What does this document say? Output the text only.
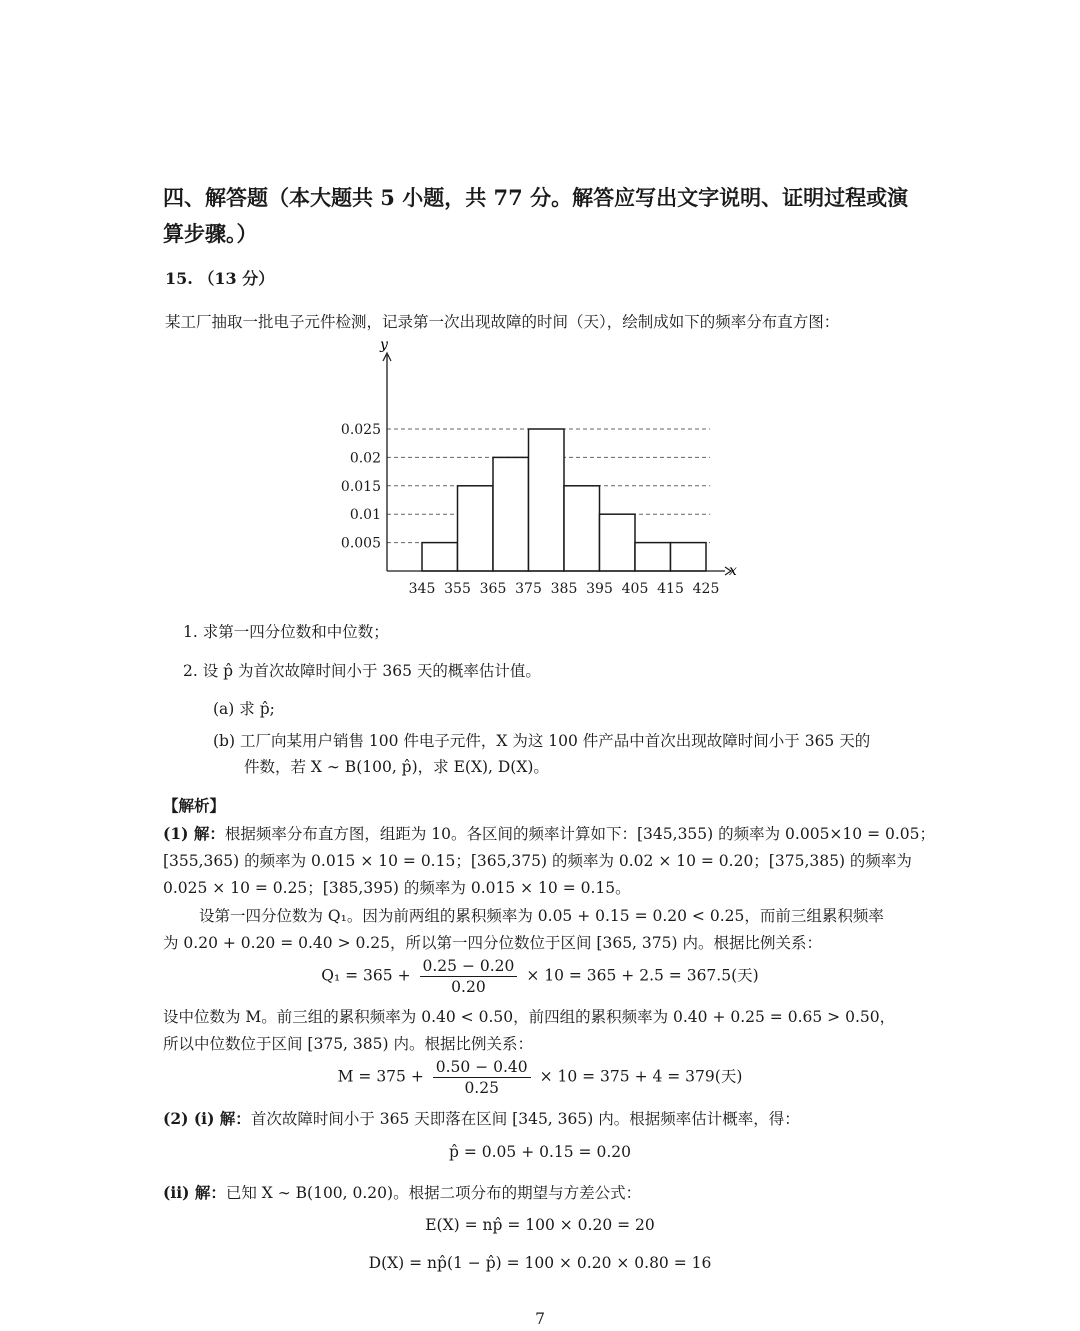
四、解答题（本大题共 5 小题，共 77 分。解答应写出文字说明、证明过程或演算步骤。）
15. （13 分）
某工厂抽取一批电子元件检测，记录第一次出现故障的时间（天），绘制成如下的频率分布直方图：
0.005
0.01
0.015
0.02
0.025
345 355 365 375 385 395 405 415 425
x
y
1. 求第一四分位数和中位数；
2. 设 p̂ 为首次故障时间小于 365 天的概率估计值。
(a) 求 p̂;
(b) 工厂向某用户销售 100 件电子元件，X 为这 100 件产品中首次出现故障时间小于 365 天的
件数，若 X ∼ B(100, p̂)，求 E(X), D(X)。
【解析】
(1) 解：根据频率分布直方图，组距为 10。各区间的频率计算如下：[345,355) 的频率为 0.005×10 = 0.05；
[355,365) 的频率为 0.015 × 10 = 0.15；[365,375) 的频率为 0.02 × 10 = 0.20；[375,385) 的频率为
0.025 × 10 = 0.25；[385,395) 的频率为 0.015 × 10 = 0.15。
设第一四分位数为 Q₁。因为前两组的累积频率为 0.05 + 0.15 = 0.20 < 0.25，而前三组累积频率
为 0.20 + 0.20 = 0.40 > 0.25，所以第一四分位数位于区间 [365, 375) 内。根据比例关系：
$Q_1 = 365 + \frac{0.25 - 0.20}{0.20} \times 10 = 365 + 2.5 = 367.5$(天)
设中位数为 M。前三组的累积频率为 0.40 < 0.50，前四组的累积频率为 0.40 + 0.25 = 0.65 > 0.50，
所以中位数位于区间 [375, 385) 内。根据比例关系：
$M = 375 + \frac{0.50 - 0.40}{0.25} \times 10 = 375 + 4 = 379$(天)
(2) (i) 解：首次故障时间小于 365 天即落在区间 [345, 365) 内。根据频率估计概率，得：
p̂ = 0.05 + 0.15 = 0.20
(ii) 解：已知 X ∼ B(100, 0.20)。根据二项分布的期望与方差公式：
E(X) = np̂ = 100 × 0.20 = 20
D(X) = np̂(1 − p̂) = 100 × 0.20 × 0.80 = 16
7
